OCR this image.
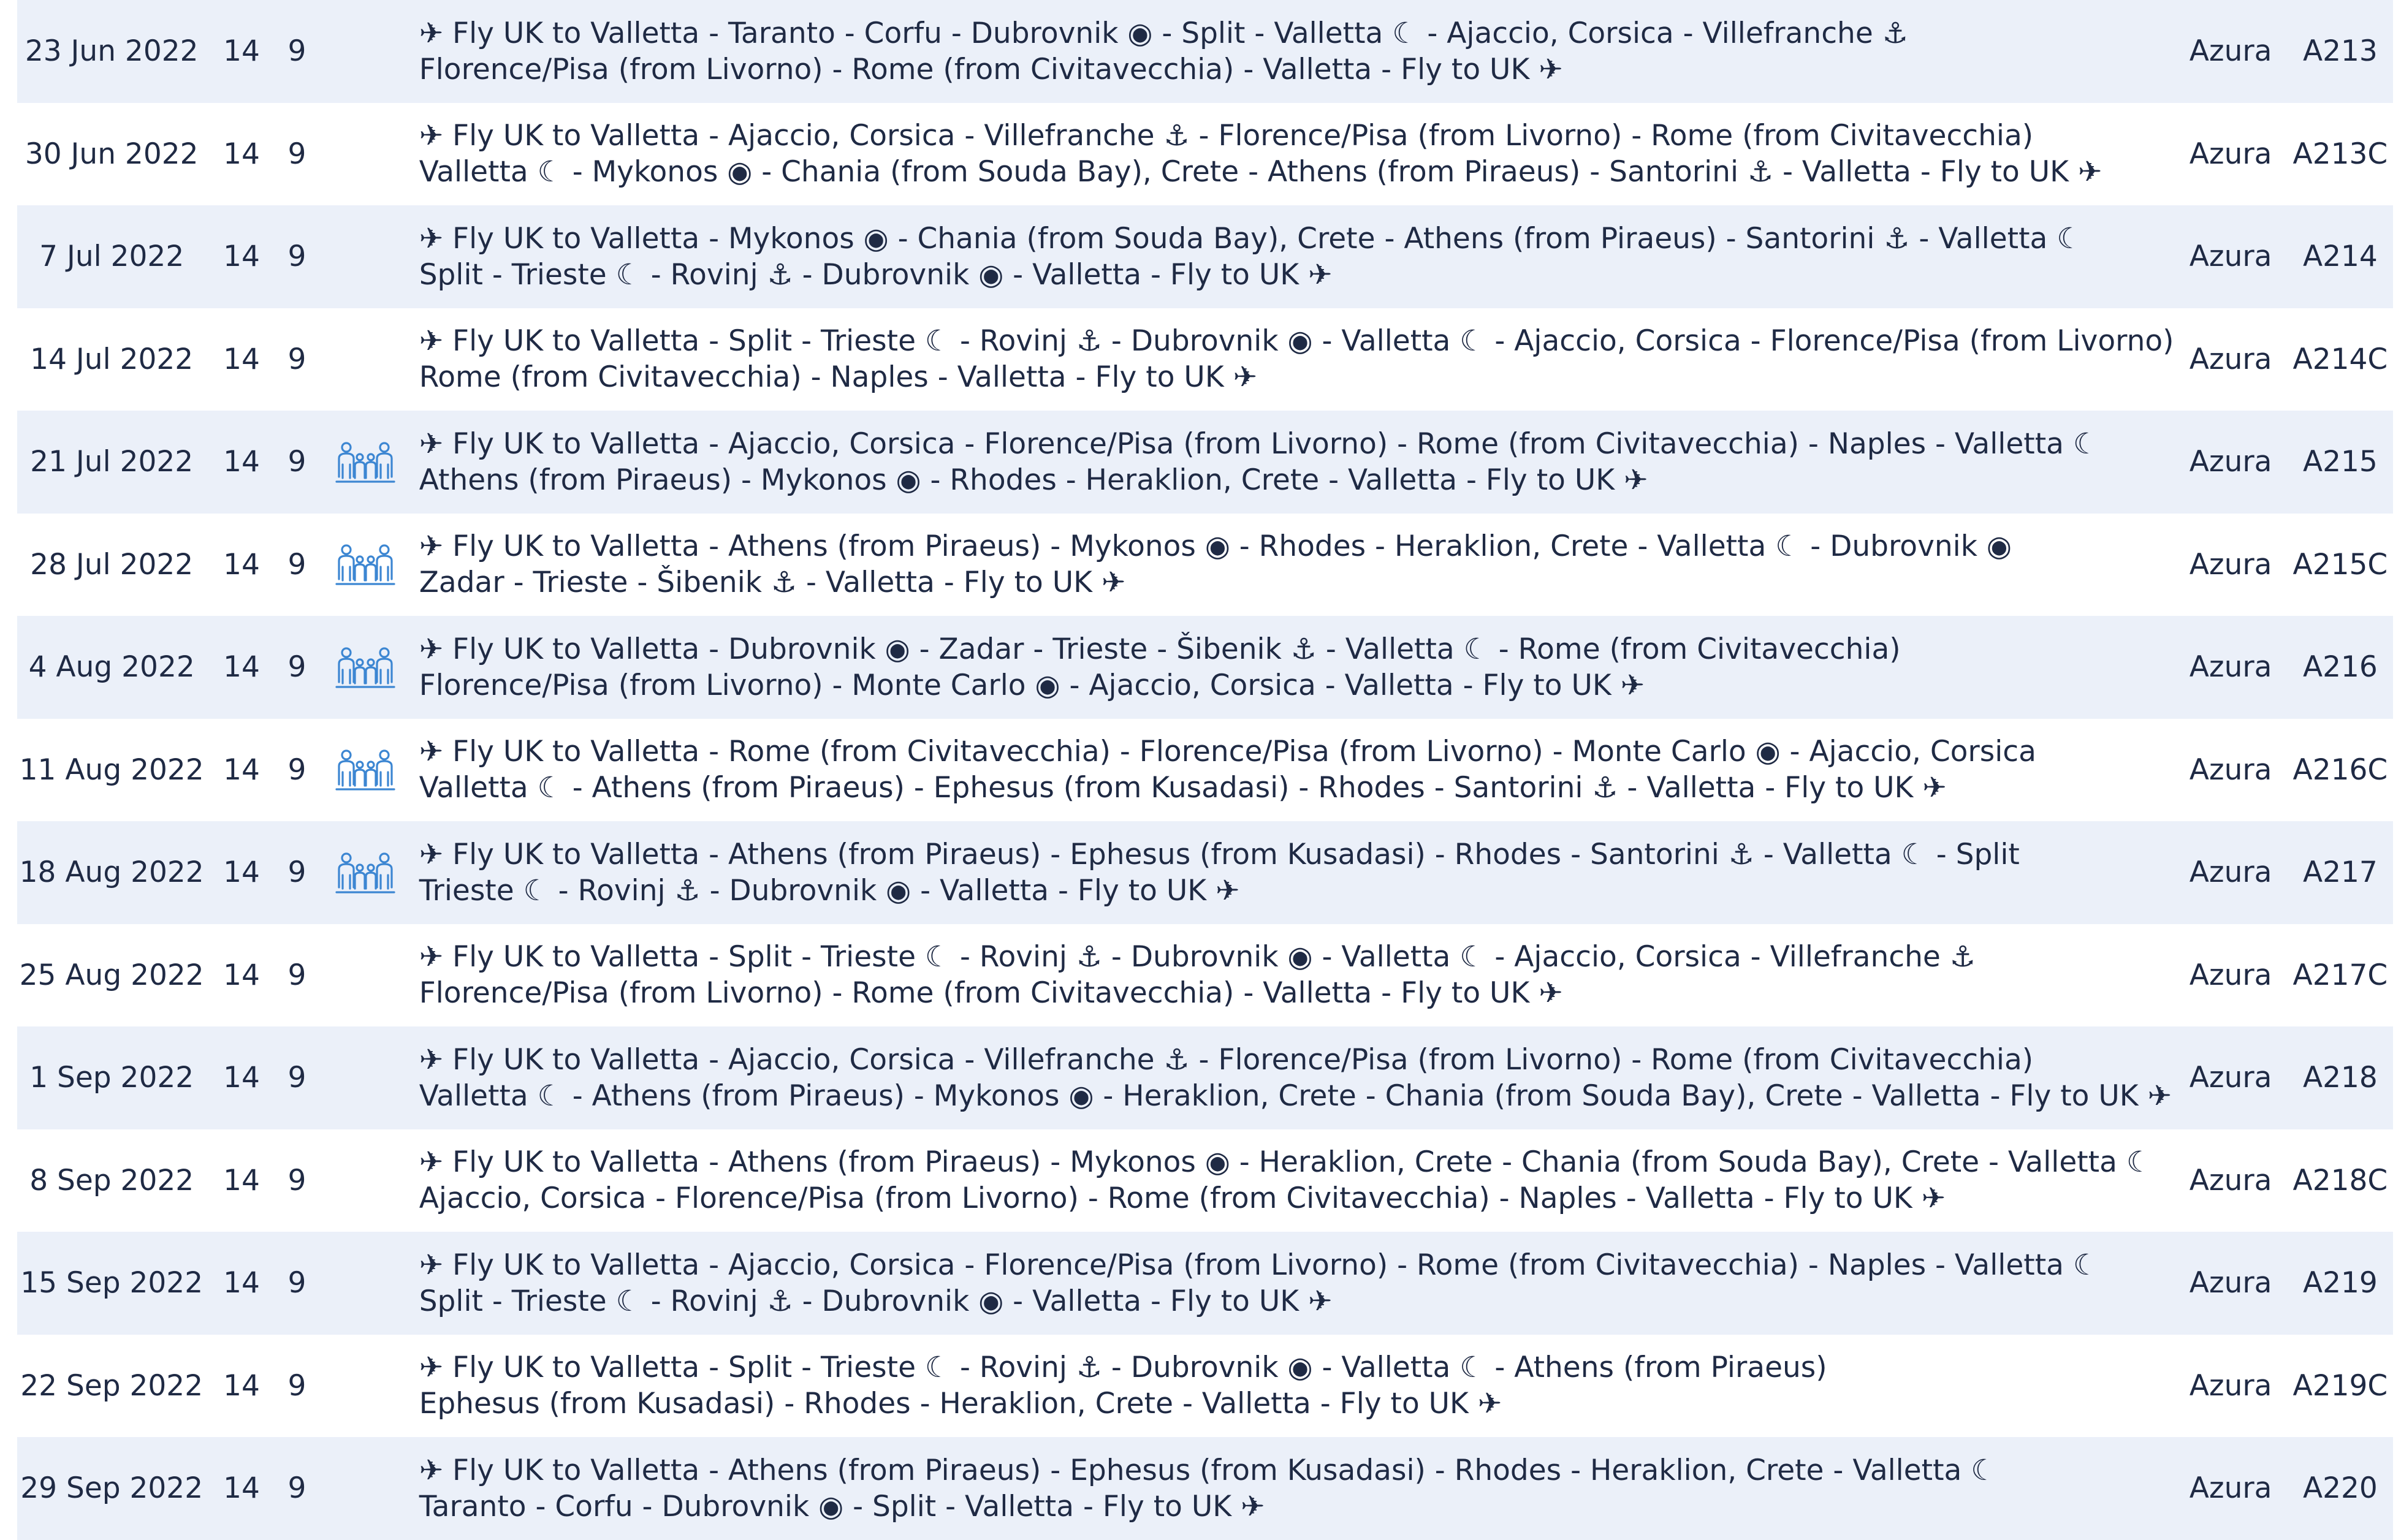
23 Jun 2022	14	9		✈ Fly UK to Valletta - Taranto - Corfu - Dubrovnik ◉ - Split - Valletta ☾ - Ajaccio, Corsica - Villefranche ⚓
Florence/Pisa (from Livorno) - Rome (from Civitavecchia) - Valletta - Fly to UK ✈	Azura	A213
30 Jun 2022	14	9		✈ Fly UK to Valletta - Ajaccio, Corsica - Villefranche ⚓ - Florence/Pisa (from Livorno) - Rome (from Civitavecchia)
Valletta ☾ - Mykonos ◉ - Chania (from Souda Bay), Crete - Athens (from Piraeus) - Santorini ⚓ - Valletta - Fly to UK ✈	Azura	A213C
7 Jul 2022	14	9		✈ Fly UK to Valletta - Mykonos ◉ - Chania (from Souda Bay), Crete - Athens (from Piraeus) - Santorini ⚓ - Valletta ☾
Split - Trieste ☾ - Rovinj ⚓ - Dubrovnik ◉ - Valletta - Fly to UK ✈	Azura	A214
14 Jul 2022	14	9		✈ Fly UK to Valletta - Split - Trieste ☾ - Rovinj ⚓ - Dubrovnik ◉ - Valletta ☾ - Ajaccio, Corsica - Florence/Pisa (from Livorno)
Rome (from Civitavecchia) - Naples - Valletta - Fly to UK ✈	Azura	A214C
21 Jul 2022	14	9		✈ Fly UK to Valletta - Ajaccio, Corsica - Florence/Pisa (from Livorno) - Rome (from Civitavecchia) - Naples - Valletta ☾
Athens (from Piraeus) - Mykonos ◉ - Rhodes - Heraklion, Crete - Valletta - Fly to UK ✈	Azura	A215
28 Jul 2022	14	9		✈ Fly UK to Valletta - Athens (from Piraeus) - Mykonos ◉ - Rhodes - Heraklion, Crete - Valletta ☾ - Dubrovnik ◉
Zadar - Trieste - Šibenik ⚓ - Valletta - Fly to UK ✈	Azura	A215C
4 Aug 2022	14	9		✈ Fly UK to Valletta - Dubrovnik ◉ - Zadar - Trieste - Šibenik ⚓ - Valletta ☾ - Rome (from Civitavecchia)
Florence/Pisa (from Livorno) - Monte Carlo ◉ - Ajaccio, Corsica - Valletta - Fly to UK ✈	Azura	A216
11 Aug 2022	14	9		✈ Fly UK to Valletta - Rome (from Civitavecchia) - Florence/Pisa (from Livorno) - Monte Carlo ◉ - Ajaccio, Corsica
Valletta ☾ - Athens (from Piraeus) - Ephesus (from Kusadasi) - Rhodes - Santorini ⚓ - Valletta - Fly to UK ✈	Azura	A216C
18 Aug 2022	14	9		✈ Fly UK to Valletta - Athens (from Piraeus) - Ephesus (from Kusadasi) - Rhodes - Santorini ⚓ - Valletta ☾ - Split
Trieste ☾ - Rovinj ⚓ - Dubrovnik ◉ - Valletta - Fly to UK ✈	Azura	A217
25 Aug 2022	14	9		✈ Fly UK to Valletta - Split - Trieste ☾ - Rovinj ⚓ - Dubrovnik ◉ - Valletta ☾ - Ajaccio, Corsica - Villefranche ⚓
Florence/Pisa (from Livorno) - Rome (from Civitavecchia) - Valletta - Fly to UK ✈	Azura	A217C
1 Sep 2022	14	9		✈ Fly UK to Valletta - Ajaccio, Corsica - Villefranche ⚓ - Florence/Pisa (from Livorno) - Rome (from Civitavecchia)
Valletta ☾ - Athens (from Piraeus) - Mykonos ◉ - Heraklion, Crete - Chania (from Souda Bay), Crete - Valletta - Fly to UK ✈	Azura	A218
8 Sep 2022	14	9		✈ Fly UK to Valletta - Athens (from Piraeus) - Mykonos ◉ - Heraklion, Crete - Chania (from Souda Bay), Crete - Valletta ☾
Ajaccio, Corsica - Florence/Pisa (from Livorno) - Rome (from Civitavecchia) - Naples - Valletta - Fly to UK ✈	Azura	A218C
15 Sep 2022	14	9		✈ Fly UK to Valletta - Ajaccio, Corsica - Florence/Pisa (from Livorno) - Rome (from Civitavecchia) - Naples - Valletta ☾
Split - Trieste ☾ - Rovinj ⚓ - Dubrovnik ◉ - Valletta - Fly to UK ✈	Azura	A219
22 Sep 2022	14	9		✈ Fly UK to Valletta - Split - Trieste ☾ - Rovinj ⚓ - Dubrovnik ◉ - Valletta ☾ - Athens (from Piraeus)
Ephesus (from Kusadasi) - Rhodes - Heraklion, Crete - Valletta - Fly to UK ✈	Azura	A219C
29 Sep 2022	14	9		✈ Fly UK to Valletta - Athens (from Piraeus) - Ephesus (from Kusadasi) - Rhodes - Heraklion, Crete - Valletta ☾
Taranto - Corfu - Dubrovnik ◉ - Split - Valletta - Fly to UK ✈	Azura	A220
